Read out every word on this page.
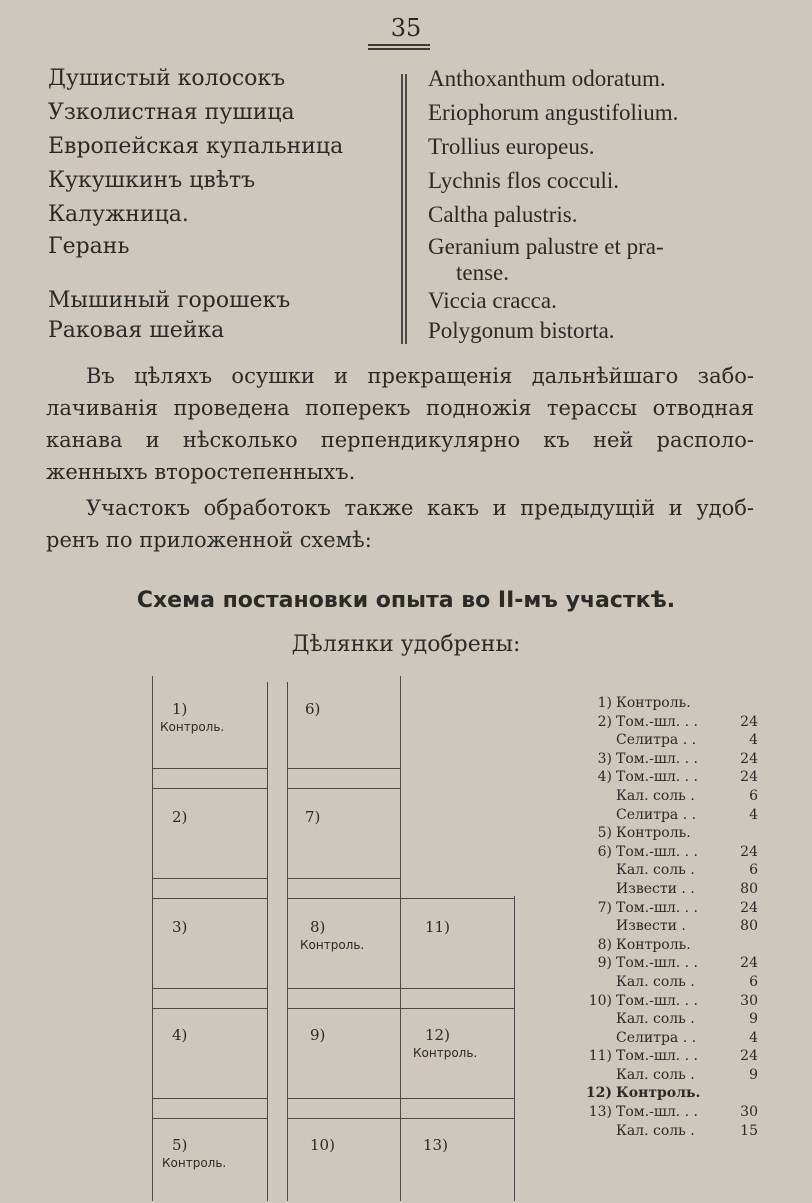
35
Душистый колосокъ	Anthoxanthum odoratum.
Узколистная пушица	Eriophorum angustifolium.
Европейская купальница	Trollius europeus.
Кукушкинъ цвѣтъ	Lychnis flos cocculi.
Калужница.	Caltha palustris.
Герань	Geranium palustre et pra-
tense.
Мышиный горошекъ	Viccia cracca.
Раковая шейка	Polygonum bistorta.
Въ цѣляхъ осушки и прекращенія дальнѣйшаго забо-
лачиванія проведена поперекъ подножія терассы отводная
канава и нѣсколько перпендикулярно къ ней располо-
женныхъ второстепенныхъ.
Участокъ обработокъ также какъ и предыдущій и удоб-
ренъ по приложенной схемѣ:
Схема постановки опыта во II-мъ участкѣ.
Дѣлянки удобрены:
1)
Контроль.
6)
2)	7)
3)	8)
Контроль.
11)
4)	9)	12)
Контроль.
5)
Контроль.
10)	13)
1) Контроль.
2) Том.-шл. . .	24
Селитра . .	4
3) Том.-шл. . .	24
4) Том.-шл. . .	24
Кал. соль .	6
Селитра . .	4
5) Контроль.
6) Том.-шл. . .	24
Кал. соль .	6
Извести . .	80
7) Том.-шл. . .	24
Извести .	80
8) Контроль.
9) Том.-шл. . .	24
Кал. соль .	6
10) Том.-шл. . .	30
Кал. соль .	9
Селитра . .	4
11) Том.-шл. . .	24
Кал. соль .	9
12) Контроль.
13) Том.-шл. . .	30
Кал. соль .	15
